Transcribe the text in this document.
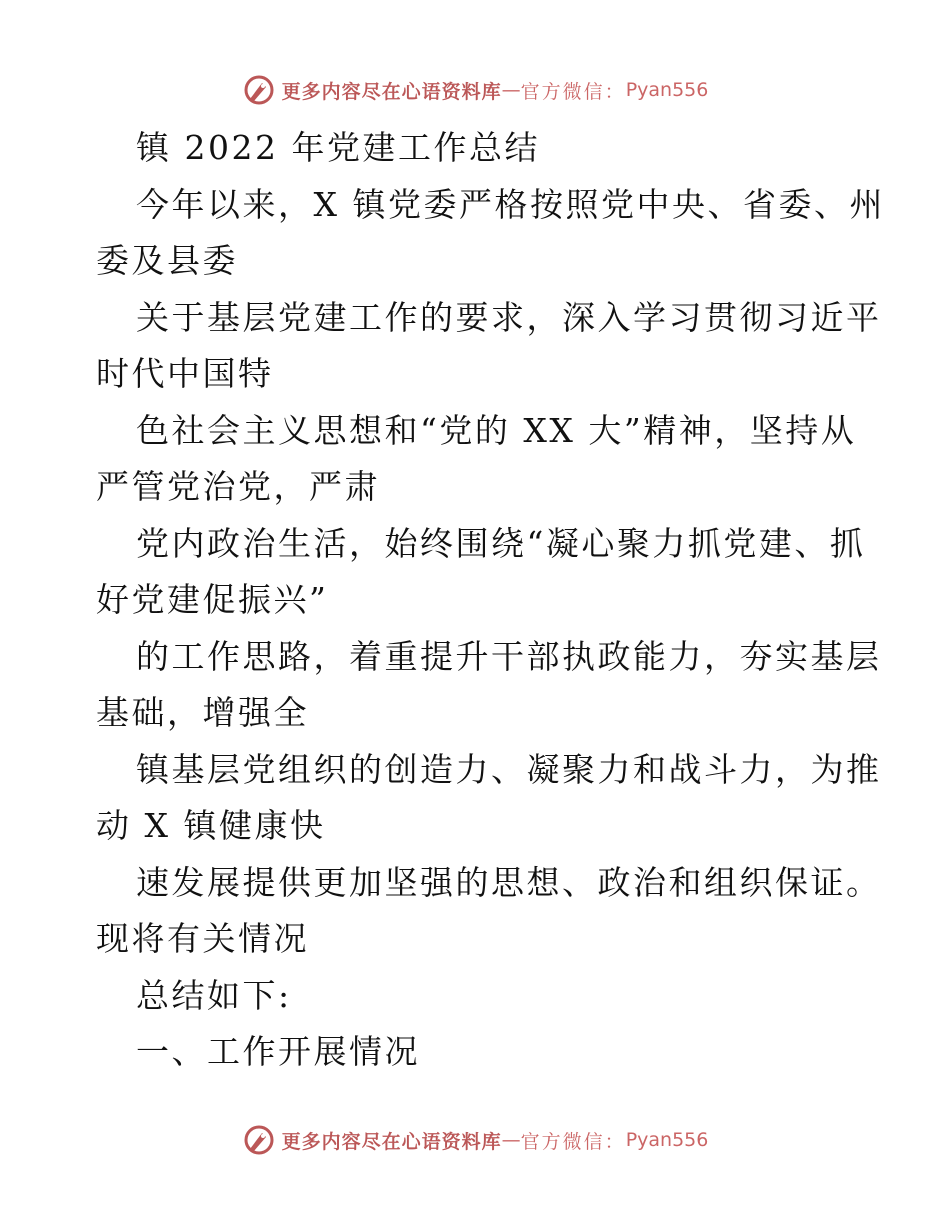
更多内容尽在心语资料库 — 官方微信： Pyan556
镇 2022 年党建工作总结
今年以来，X 镇党委严格按照党中央、省委、州
委及县委
关于基层党建工作的要求，深入学习贯彻习近平
时代中国特
色社会主义思想和“党的 XX 大”精神，坚持从
严管党治党，严肃
党内政治生活，始终围绕“凝心聚力抓党建、抓
好党建促振兴”
的工作思路，着重提升干部执政能力，夯实基层
基础，增强全
镇基层党组织的创造力、凝聚力和战斗力，为推
动 X 镇健康快
速发展提供更加坚强的思想、政治和组织保证。
现将有关情况
总结如下:
一、工作开展情况
更多内容尽在心语资料库 — 官方微信： Pyan556
